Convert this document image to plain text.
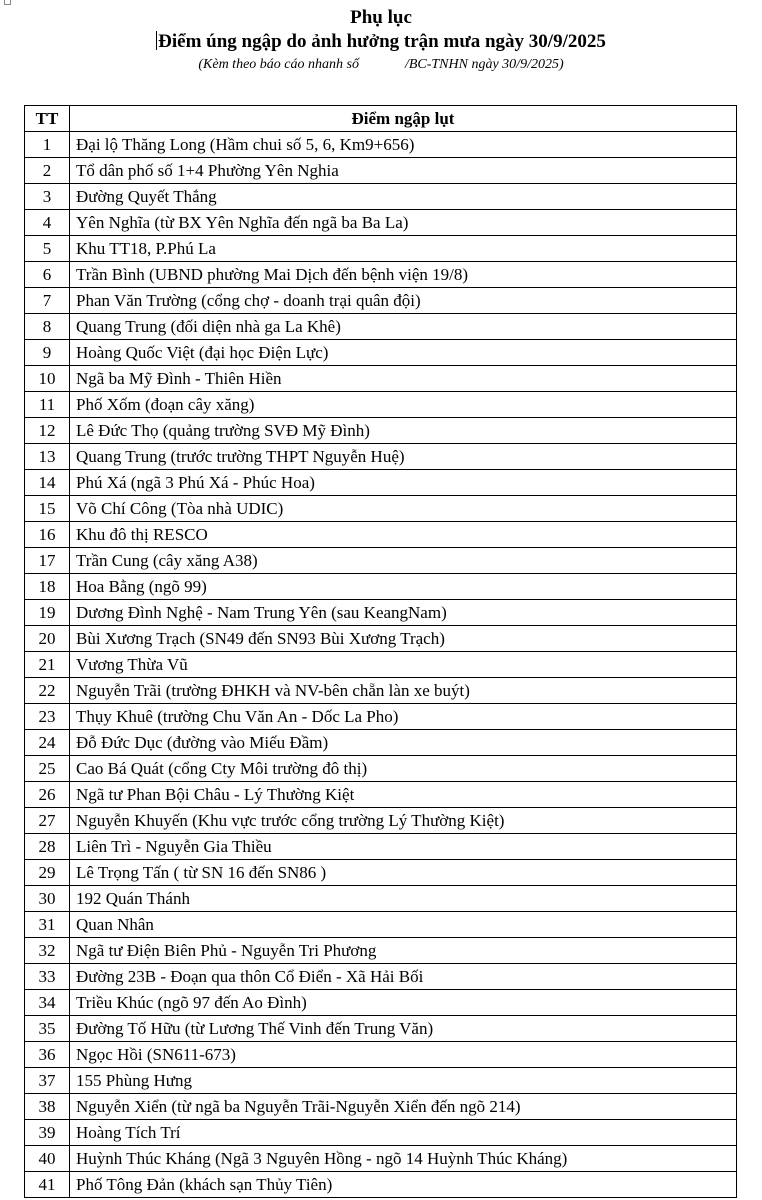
Phụ lục
Điểm úng ngập do ảnh hưởng trận mưa ngày 30/9/2025
(Kèm theo báo cáo nhanh số	/BC-TNHN ngày 30/9/2025)
TT	Điểm ngập lụt
1	Đại lộ Thăng Long (Hầm chui số 5, 6, Km9+656)
2	Tổ dân phố số 1+4 Phường Yên Nghia
3	Đường Quyết Thắng
4	Yên Nghĩa (từ BX Yên Nghĩa đến ngã ba Ba La)
5	Khu TT18, P.Phú La
6	Trần Bình (UBND phường Mai Dịch đến bệnh viện 19/8)
7	Phan Văn Trường (cổng chợ - doanh trại quân đội)
8	Quang Trung (đối diện nhà ga La Khê)
9	Hoàng Quốc Việt (đại học Điện Lực)
10	Ngã ba Mỹ Đình - Thiên Hiền
11	Phố Xốm (đoạn cây xăng)
12	Lê Đức Thọ (quảng trường SVĐ Mỹ Đình)
13	Quang Trung (trước trường THPT Nguyễn Huệ)
14	Phú Xá (ngã 3 Phú Xá - Phúc Hoa)
15	Võ Chí Công (Tòa nhà UDIC)
16	Khu đô thị RESCO
17	Trần Cung (cây xăng A38)
18	Hoa Bằng (ngõ 99)
19	Dương Đình Nghệ - Nam Trung Yên (sau KeangNam)
20	Bùi Xương Trạch (SN49 đến SN93 Bùi Xương Trạch)
21	Vương Thừa Vũ
22	Nguyễn Trãi (trường ĐHKH và NV-bên chẵn làn xe buýt)
23	Thụy Khuê (trường Chu Văn An - Dốc La Pho)
24	Đỗ Đức Dục (đường vào Miếu Đầm)
25	Cao Bá Quát (cổng Cty Môi trường đô thị)
26	Ngã tư Phan Bội Châu - Lý Thường Kiệt
27	Nguyễn Khuyến (Khu vực trước cổng trường Lý Thường Kiệt)
28	Liên Trì - Nguyễn Gia Thiều
29	Lê Trọng Tấn ( từ SN 16 đến SN86 )
30	192 Quán Thánh
31	Quan Nhân
32	Ngã tư Điện Biên Phủ - Nguyễn Tri Phương
33	Đường 23B - Đoạn qua thôn Cổ Điển - Xã Hải Bối
34	Triều Khúc (ngõ 97 đến Ao Đình)
35	Đường Tố Hữu (từ Lương Thế Vinh đến Trung Văn)
36	Ngọc Hồi (SN611-673)
37	155 Phùng Hưng
38	Nguyễn Xiển (từ ngã ba Nguyễn Trãi-Nguyễn Xiển đến ngõ 214)
39	Hoàng Tích Trí
40	Huỳnh Thúc Kháng (Ngã 3 Nguyên Hồng - ngõ 14 Huỳnh Thúc Kháng)
41	Phố Tông Đản (khách sạn Thủy Tiên)
